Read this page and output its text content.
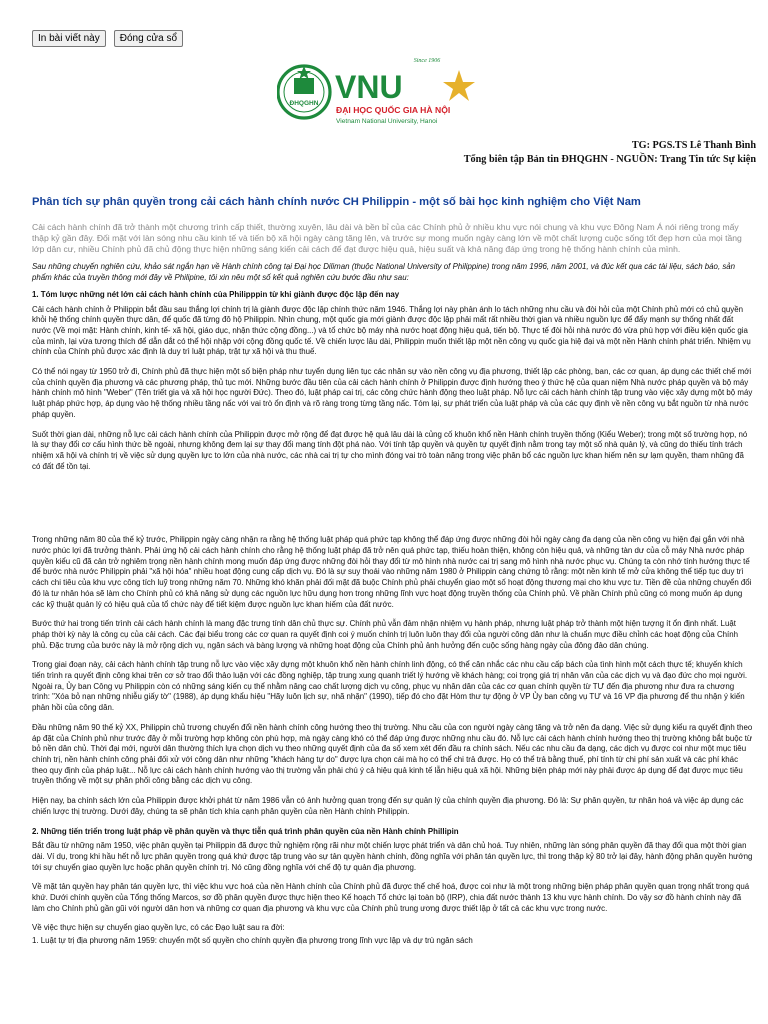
In bài viết này	Đóng cửa sổ
ĐHQGHN
Since 1906
VNU
ĐẠI HỌC QUỐC GIA HÀ NỘI
Vietnam National University, Hanoi
TG: PGS.TS Lê Thanh Bình
Tổng biên tập Bản tin ĐHQGHN - NGUỒN: Trang Tin tức Sự kiện
Phân tích sự phân quyền trong cải cách hành chính nước CH Philippin - một số bài học kinh nghiệm cho Việt Nam

Cải cách hành chính đã trở thành một chương trình cấp thiết, thường xuyên, lâu dài và bền bỉ của các Chính phủ ở nhiều khu vực nói chung và khu vực Đông Nam Á nói riêng trong mấy thập kỷ gần đây. Đối mặt với làn sóng nhu cầu kinh tế và tiến bộ xã hội ngày càng tăng lên, và trước sự mong muốn ngày càng lớn về một chất lượng cuộc sống tốt đẹp hơn của mọi tầng lớp dân cư, nhiều Chính phủ đã chủ động thực hiện những sáng kiến cải cách để đạt được hiệu quả, hiệu suất và khả năng đáp ứng trong hệ thống hành chính của mình.

Sau những chuyến nghiên cứu, khảo sát ngắn hạn về Hành chính công tại Đại học Diliman (thuộc National University of Philippine) trong năm 1996, năm 2001, và đúc kết qua các tài liệu, sách báo, sản phẩm khác của truyền thông mới đây về Philipine, tôi xin nêu một số kết quả nghiên cứu bước đầu như sau:

1. Tóm lược những nét lớn cải cách hành chính của Philipppin từ khi giành được độc lập đến nay

Cải cách hành chính ở Philippin bắt đầu sau thắng lợi chính trị là giành được độc lập chính thức năm 1946. Thắng lợi này phản ánh lo tách những nhu cầu và đòi hỏi của một Chính phủ mới có chủ quyền khỏi hệ thống chính quyền thực dân, để quốc đã từng đô hộ Philippin. Nhìn chung, một quốc gia mới giành được độc lập phải mất rất nhiều thời gian và nhiều nguồn lực để đẩy mạnh sự thống nhất đất nước (Về mọi mặt: Hành chính, kinh tế- xã hội, giáo dục, nhận thức cộng đồng...) và tổ chức bộ máy nhà nước hoạt động hiệu quả, tiến bộ. Thực tế đòi hỏi nhà nước đó vừa phù hợp với điều kiện quốc gia của mình, lại vừa tương thích để dẫn dắt có thể hội nhập với cộng đồng quốc tế. Về chiến lược lâu dài, Philippin muốn thiết lập một nền công vụ quốc gia hiệ đại và một nền Hành chính phát triển. Nhiệm vụ chính của Chính phủ được xác định là duy trì luật pháp, trật tự xã hội và thu thuế.

Có thể nói ngay từ 1950 trở đi, Chính phủ đã thực hiện một số biện pháp như tuyển dụng liên tục các nhân sự vào nền công vụ địa phương, thiết lập các phòng, ban, các cơ quan, áp dụng các thiết chế mới của chính quyền địa phương và các phương pháp, thủ tục mới. Những bước đầu tiên của cải cách hành chính ở Philippin được định hướng theo ý thức hệ của quan niệm Nhà nước pháp quyền và bộ máy hành chính mô hình "Weber" (Tên triết gia và xã hội học người Đức). Theo đó, luật pháp cai trị, các công chức hành động theo luật pháp. Nỗ lực cải cách hành chính tập trung vào việc xây dựng một bộ máy luật pháp phức hợp, áp dụng vào hệ thống nhiều tầng nấc với vai trò ổn định và rõ ràng trong từng tầng nấc. Tóm lại, sự phát triển của luật pháp và của các quy định về nền công vụ bắt nguồn từ nhà nước pháp quyền.

Suốt thời gian dài, những nỗ lực cải cách hành chính của Philippin được mở rộng để đạt được hệ quả lâu dài là củng cố khuôn khổ nền Hành chính truyền thống (Kiểu Weber); trong một số trường hợp, nó là sự thay đổi cơ cấu hình thức bề ngoài, nhưng không đem lại sự thay đổi mang tính đột phá nào. Với tính tập quyền và quyền tự quyết định nằm trong tay một số nhà quản lý, và cũng do thiếu tính trách nhiệm xã hội và chính trị về việc sử dụng quyền lực to lớn của nhà nước, các nhà cai trị tự cho mình đóng vai trò toàn năng trong việc phân bổ các nguồn lực khan hiếm nên sự lạm quyền, tham nhũng đã có đất để tồn tại.

Trong những năm 80 của thế kỷ trước, Philippin ngày càng nhận ra rằng hệ thống luật pháp quá phức tạp không thể đáp ứng được những đòi hỏi ngày càng đa dạng của nền công vụ hiện đại gắn với nhà nước phúc lợi đã trưởng thành. Phải ứng hộ cải cách hành chính cho rằng hệ thống luật pháp đã trở nên quá phức tạp, thiếu hoàn thiện, không còn hiệu quả, và những tàn dư của cỗ máy Nhà nước pháp quyền kiểu cũ đã cản trở nghiêm trọng nền hành chính mong muốn đáp ứng được những đòi hỏi thay đổi từ mô hình nhà nước cai trị sang mô hình nhà nước phục vụ. Chúng ta còn nhớ tính hướng thực tế để bước nhà nước Philippin phải "xã hội hóa" nhiều hoạt động cung cấp dịch vụ. Đó là sự suy thoái vào những năm 1980 ở Philippin càng chứng tỏ rằng: một nền kinh tế mở cửa không thể tiếp tục duy trì cách chi tiêu của khu vực công tích luỹ trong những năm 70. Những khó khăn phải đối mặt đã buộc Chính phủ phải chuyển giao một số hoạt động thương mại cho khu vực tư. Tiền đề của những chuyển đổi đó là tư nhân hóa sẽ làm cho Chính phủ có khả năng sử dụng các nguồn lực hữu dụng hơn trong những lĩnh vực hoạt động truyền thống của Chính phủ. Về phần Chính phủ cũng có mong muốn áp dụng các kỹ thuật quản lý có hiệu quả của tổ chức này để tiết kiệm được nguồn lực khan hiếm của đất nước.

Bước thứ hai trong tiến trình cải cách hành chính là mang đặc trưng tính dân chủ thực sự. Chính phủ vẫn đảm nhận nhiệm vụ hành pháp, nhưng luật pháp trở thành một hiện tượng ít ổn định nhất. Luật pháp thời kỳ này là công cụ của cải cách. Các đại biểu trong các cơ quan ra quyết định coi ý muốn chính trị luôn luôn thay đổi của người công dân như là chuẩn mực điều chỉnh các hoạt động của Chính phủ. Đặc trưng của bước này là mở rộng dịch vụ, ngân sách và bàng lượng và những hoạt động của Chính phủ ảnh hưởng đến cuộc sống hàng ngày của đông đảo dân chúng.

Trong giai đoạn này, cải cách hành chính tập trung nỗ lực vào việc xây dựng một khuôn khổ nền hành chính linh động, có thể cân nhắc các nhu cầu cấp bách của tình hình một cách thực tế; khuyến khích tiến trình ra quyết định công khai trên cơ sở trao đổi thảo luận với các đồng nghiệp, tập trung xung quanh triết lý hướng về khách hàng; coi trọng giá trị nhân văn của các dịch vụ và đạo đức cho mọi người. Ngoài ra, Ủy ban Công vụ Philippin còn có những sáng kiến cụ thể nhằm nâng cao chất lượng dịch vụ công, phục vụ nhân dân của các cơ quan chính quyền từ TƯ đến địa phương như đưa ra chương trình: "Xóa bỏ nạn những nhiễu giấy tờ" (1988), áp dụng khẩu hiệu "Hãy luôn lịch sự, nhã nhặn" (1990), tiếp đó cho đặt Hòm thư tự động ở VP Ủy ban công vụ TƯ và 16 VP địa phương để thu nhận ý kiến phản hồi của công dân.

Đầu những năm 90 thế kỷ XX, Philippin chủ trương chuyển đổi nền hành chính công hướng theo thị trường. Nhu cầu của con người ngày càng tăng và trở nên đa dạng. Việc sử dụng kiểu ra quyết định theo áp đặt của Chính phủ như trước đây ở mỗi trường hợp không còn phù hợp, mà ngày càng khó có thể đáp ứng được những nhu cầu đó. Nỗ lực cải cách hành chính hướng theo thị trường không bắt buộc từ bỏ nền dân chủ. Thời đại mới, người dân thường thích lựa chọn dịch vụ theo những quyết định của đa số xem xét đến đầu ra chính sách. Nếu các nhu cầu đa dạng, các dịch vụ được coi như một mục tiêu chính trị, nền hành chính công phải đối xử với công dân như những "khách hàng tự do" được lựa chọn cái mà họ có thể chi trả được. Họ có thể trả bằng thuế, phí tính từ chi phí sản xuất và các phí khác theo quy định của pháp luật... Nỗ lực cải cách hành chính hướng vào thị trường vẫn phải chú ý cả hiệu quả kinh tế lẫn hiệu quả xã hội. Những biện pháp mới này phải được áp dụng để đạt được mục tiêu truyền thống về một sự phân phối công bằng các dịch vụ công.

Hiện nay, ba chính sách lớn của Philippin được khởi phát từ năm 1986 vẫn có ảnh hưởng quan trọng đến sự quản lý của chính quyền địa phương. Đó là: Sự phân quyền, tư nhân hoá và việc áp dụng các chiến lược thị trường. Dưới đây, chúng ta sẽ phân tích khía cạnh phân quyền của nền Hành chính Philippin.

2. Những tiến triển trong luật pháp về phân quyền và thực tiễn quá trình phân quyền của nền Hành chính Phillipin

Bắt đầu từ những năm 1950, việc phân quyền tại Philippin đã được thử nghiệm rộng rãi như một chiến lược phát triển và dân chủ hoá. Tuy nhiên, những làn sóng phân quyền đã thay đổi qua một thời gian dài. Ví dụ, trong khi hầu hết nỗ lực phân quyền trong quá khứ được tập trung vào sự tản quyền hành chính, đồng nghĩa với phân tán quyền lực, thì trong thập kỷ 80 trở lại đây, hành động phân quyền hướng tới sự chuyển giao quyền lực hoặc phân quyền chính trị. Nó cũng đồng nghĩa với chế độ tự quản địa phương.

Về mặt tản quyền hay phân tán quyền lực, thì việc khu vực hoá của nền Hành chính của Chính phủ đã được thể chế hoá, được coi như là một trong những biện pháp phân quyền quan trọng nhất trong quá khứ. Dưới chính quyền của Tổng thống Marcos, sơ đồ phân quyền được thực hiện theo Kế hoạch Tổ chức lại toàn bộ (IRP), chia đất nước thành 13 khu vực hành chính. Do vậy sơ đồ hành chính này đã làm cho Chính phủ gần gũi với người dân hơn và những cơ quan địa phương và khu vực của Chính phủ trung ương được thiết lập ở tất cả các khu vực trong nước.

Về việc thực hiện sự chuyển giao quyền lực, có các Đạo luật sau ra đời:

1. Luật tự trị địa phương năm 1959: chuyển một số quyền cho chính quyền địa phương trong lĩnh vực lập và dự trù ngân sách
